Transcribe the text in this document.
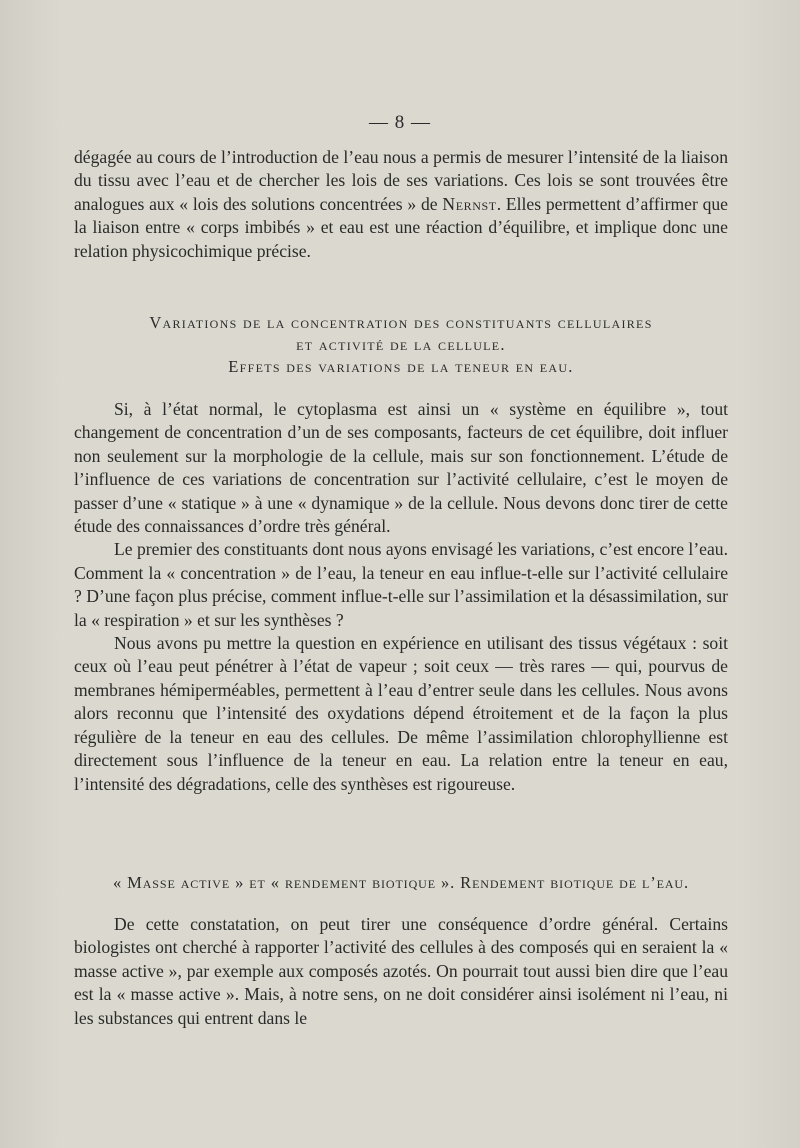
— 8 —

dégagée au cours de l’introduction de l’eau nous a permis de mesurer l’intensité de la liaison du tissu avec l’eau et de chercher les lois de ses variations. Ces lois se sont trouvées être analogues aux « lois des solutions concentrées » de Nernst. Elles permettent d’affirmer que la liaison entre « corps imbibés » et eau est une réaction d’équilibre, et implique donc une relation physicochimique précise.

Variations de la concentration des constituants cellulaires
et activité de la cellule.
Effets des variations de la teneur en eau.

Si, à l’état normal, le cytoplasma est ainsi un « système en équilibre », tout changement de concentration d’un de ses composants, facteurs de cet équilibre, doit influer non seulement sur la morphologie de la cellule, mais sur son fonctionnement. L’étude de l’influence de ces variations de concentration sur l’activité cellulaire, c’est le moyen de passer d’une « statique » à une « dynamique » de la cellule. Nous devons donc tirer de cette étude des connaissances d’ordre très général.

Le premier des constituants dont nous ayons envisagé les variations, c’est encore l’eau. Comment la « concentration » de l’eau, la teneur en eau influe-t-elle sur l’activité cellulaire ? D’une façon plus précise, comment influe-t-elle sur l’assimilation et la désassimilation, sur la « respiration » et sur les synthèses ?

Nous avons pu mettre la question en expérience en utilisant des tissus végétaux : soit ceux où l’eau peut pénétrer à l’état de vapeur ; soit ceux — très rares — qui, pourvus de membranes hémiperméables, permettent à l’eau d’entrer seule dans les cellules. Nous avons alors reconnu que l’intensité des oxydations dépend étroitement et de la façon la plus régulière de la teneur en eau des cellules. De même l’assimilation chlorophyllienne est directement sous l’influence de la teneur en eau. La relation entre la teneur en eau, l’intensité des dégradations, celle des synthèses est rigoureuse.

« Masse active » et « rendement biotique ». Rendement biotique de l’eau.

De cette constatation, on peut tirer une conséquence d’ordre général. Certains biologistes ont cherché à rapporter l’activité des cellules à des composés qui en seraient la « masse active », par exemple aux composés azotés. On pourrait tout aussi bien dire que l’eau est la « masse active ». Mais, à notre sens, on ne doit considérer ainsi isolément ni l’eau, ni les substances qui entrent dans le
